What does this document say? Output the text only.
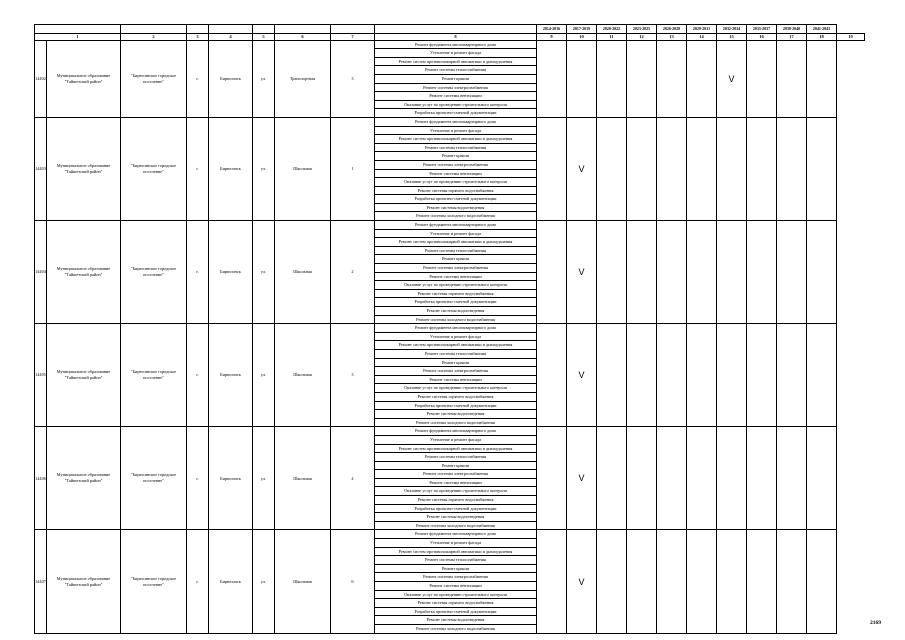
									2014-2016	2017-2019	2020-2022	2023-2025	2026-2028	2029-2031	2032-2034	2035-2037	2038-2040	2041-2043	
1		2	3	4	5	6	7	8	9	10	11	12	13	14	15	16	17	18	19
14402	Муниципальное образование "Тайшетский район"	"Бирюсинское городское поселение"	г.	Бирюсинск	ул.	Транспортная	3	Ремонт фундамента многоквартирного дома							V				
								Утепление и ремонт фасада											
								Ремонт систем противопожарной автоматики и дымоудаления											
								Ремонт системы теплоснабжения											
								Ремонт крыши											
								Ремонт системы электроснабжения											
								Ремонт системы вентиляции											
								Оказание услуг по проведению строительного контроля											
								Разработка проектно-сметной документации											
14403	Муниципальное образование "Тайшетский район"	"Бирюсинское городское поселение"	г.	Бирюсинск	ул.	Школьная	1	Ремонт фундамента многоквартирного дома		V									
								Утепление и ремонт фасада											
								Ремонт систем противопожарной автоматики и дымоудаления											
								Ремонт системы теплоснабжения											
								Ремонт крыши											
								Ремонт системы электроснабжения											
								Ремонт системы вентиляции											
								Оказание услуг по проведению строительного контроля											
								Ремонт системы горячего водоснабжения											
								Разработка проектно-сметной документации											
								Ремонт системы водоотведения											
								Ремонт системы холодного водоснабжения											
14404	Муниципальное образование "Тайшетский район"	"Бирюсинское городское поселение"	г.	Бирюсинск	ул.	Школьная	2	Ремонт фундамента многоквартирного дома		V									
								Утепление и ремонт фасада											
								Ремонт систем противопожарной автоматики и дымоудаления											
								Ремонт системы теплоснабжения											
								Ремонт крыши											
								Ремонт системы электроснабжения											
								Ремонт системы вентиляции											
								Оказание услуг по проведению строительного контроля											
								Ремонт системы горячего водоснабжения											
								Разработка проектно-сметной документации											
								Ремонт системы водоотведения											
								Ремонт системы холодного водоснабжения											
14405	Муниципальное образование "Тайшетский район"	"Бирюсинское городское поселение"	г.	Бирюсинск	ул.	Школьная	3	Ремонт фундамента многоквартирного дома		V									
								Утепление и ремонт фасада											
								Ремонт систем противопожарной автоматики и дымоудаления											
								Ремонт системы теплоснабжения											
								Ремонт крыши											
								Ремонт системы электроснабжения											
								Ремонт системы вентиляции											
								Оказание услуг по проведению строительного контроля											
								Ремонт системы горячего водоснабжения											
								Разработка проектно-сметной документации											
								Ремонт системы водоотведения											
								Ремонт системы холодного водоснабжения											
14406	Муниципальное образование "Тайшетский район"	"Бирюсинское городское поселение"	г.	Бирюсинск	ул.	Школьная	4	Ремонт фундамента многоквартирного дома		V									
								Утепление и ремонт фасада											
								Ремонт систем противопожарной автоматики и дымоудаления											
								Ремонт системы теплоснабжения											
								Ремонт крыши											
								Ремонт системы электроснабжения											
								Ремонт системы вентиляции											
								Оказание услуг по проведению строительного контроля											
								Ремонт системы горячего водоснабжения											
								Разработка проектно-сметной документации											
								Ремонт системы водоотведения											
								Ремонт системы холодного водоснабжения											
14407	Муниципальное образование "Тайшетский район"	"Бирюсинское городское поселение"	г.	Бирюсинск	ул.	Школьная	6	Ремонт фундамента многоквартирного дома		V									
								Утепление и ремонт фасада											
								Ремонт систем противопожарной автоматики и дымоудаления											
								Ремонт системы теплоснабжения											
								Ремонт крыши											
								Ремонт системы электроснабжения											
								Ремонт системы вентиляции											
								Оказание услуг по проведению строительного контроля											
								Ремонт системы горячего водоснабжения											
								Разработка проектно-сметной документации											
								Ремонт системы водоотведения											
								Ремонт системы холодного водоснабжения											
2169
